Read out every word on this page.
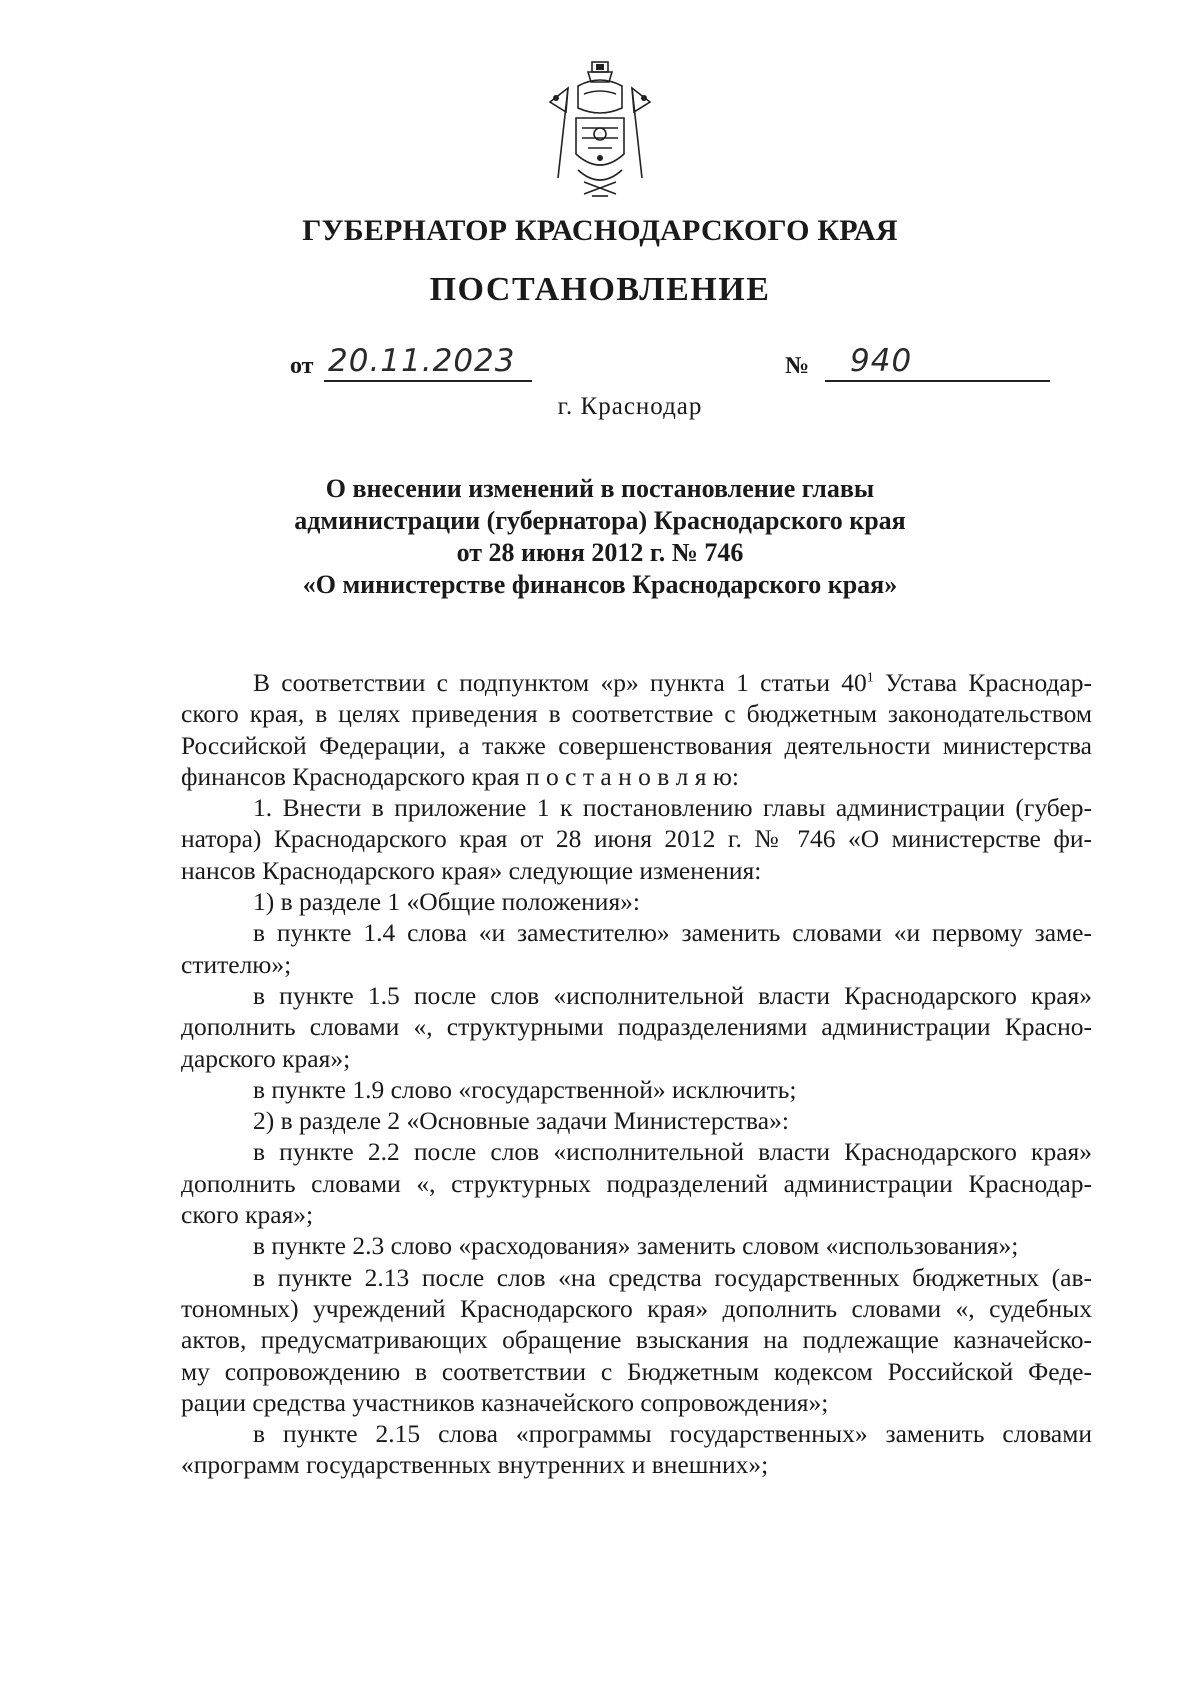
ГУБЕРНАТОР КРАСНОДАРСКОГО КРАЯ
ПОСТАНОВЛЕНИЕ
от 20.11.2023	№ 940
г. Краснодар
О внесении изменений в постановление главы
администрации (губернатора) Краснодарского края
от 28 июня 2012 г. № 746
«О министерстве финансов Краснодарского края»
В соответствии с подпунктом «р» пункта 1 статьи $40^1$ Устава Краснодар-
ского края, в целях приведения в соответствие с бюджетным законодательством
Российской Федерации, а также совершенствования деятельности министерства
финансов Краснодарского края п о с т а н о в л я ю:
1. Внести в приложение 1 к постановлению главы администрации (губер-
натора) Краснодарского края от 28 июня 2012 г. № 746 «О министерстве фи-
нансов Краснодарского края» следующие изменения:
1) в разделе 1 «Общие положения»:
в пункте 1.4 слова «и заместителю» заменить словами «и первому заме-
стителю»;
в пункте 1.5 после слов «исполнительной власти Краснодарского края»
дополнить словами «, структурными подразделениями администрации Красно-
дарского края»;
в пункте 1.9 слово «государственной» исключить;
2) в разделе 2 «Основные задачи Министерства»:
в пункте 2.2 после слов «исполнительной власти Краснодарского края»
дополнить словами «, структурных подразделений администрации Краснодар-
ского края»;
в пункте 2.3 слово «расходования» заменить словом «использования»;
в пункте 2.13 после слов «на средства государственных бюджетных (ав-
тономных) учреждений Краснодарского края» дополнить словами «, судебных
актов, предусматривающих обращение взыскания на подлежащие казначейско-
му сопровождению в соответствии с Бюджетным кодексом Российской Феде-
рации средства участников казначейского сопровождения»;
в пункте 2.15 слова «программы государственных» заменить словами
«программ государственных внутренних и внешних»;
